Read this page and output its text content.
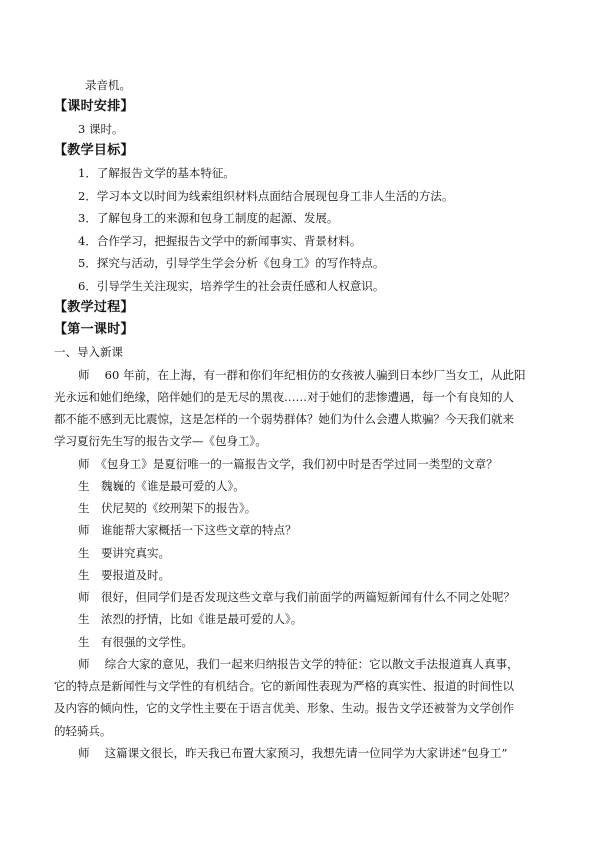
录音机。
【课时安排】
3 课时。
【教学目标】
1．了解报告文学的基本特征。
2．学习本文以时间为线索组织材料点面结合展现包身工非人生活的方法。
3．了解包身工的来源和包身工制度的起源、发展。
4．合作学习，把握报告文学中的新闻事实、背景材料。
5．探究与活动，引导学生学会分析《包身工》的写作特点。
6．引导学生关注现实，培养学生的社会责任感和人权意识。
【教学过程】
【第一课时】
一、导入新课
师　 60 年前，在上海，有一群和你们年纪相仿的女孩被人骗到日本纱厂当女工，从此阳
光永远和她们绝缘，陪伴她们的是无尽的黑夜……对于她们的悲惨遭遇，每一个有良知的人
都不能不感到无比震惊，这是怎样的一个弱势群体？她们为什么会遭人欺骗？今天我们就来
学习夏衍先生写的报告文学—《包身工》。
师　《包身工》是夏衍唯一的一篇报告文学，我们初中时是否学过同一类型的文章？
生　魏巍的《谁是最可爱的人》。
生　伏尼契的《绞刑架下的报告》。
师　谁能帮大家概括一下这些文章的特点？
生　要讲究真实。
生　要报道及时。
师　很好，但同学们是否发现这些文章与我们前面学的两篇短新闻有什么不同之处呢？
生　浓烈的抒情，比如《谁是最可爱的人》。
生　有很强的文学性。
师　 综合大家的意见，我们一起来归纳报告文学的特征：它以散文手法报道真人真事，
它的特点是新闻性与文学性的有机结合。它的新闻性表现为严格的真实性、报道的时间性以
及内容的倾向性，它的文学性主要在于语言优美、形象、生动。报告文学还被誉为文学创作
的轻骑兵。
师　 这篇课文很长，昨天我已布置大家预习，我想先请一位同学为大家讲述“包身工”
